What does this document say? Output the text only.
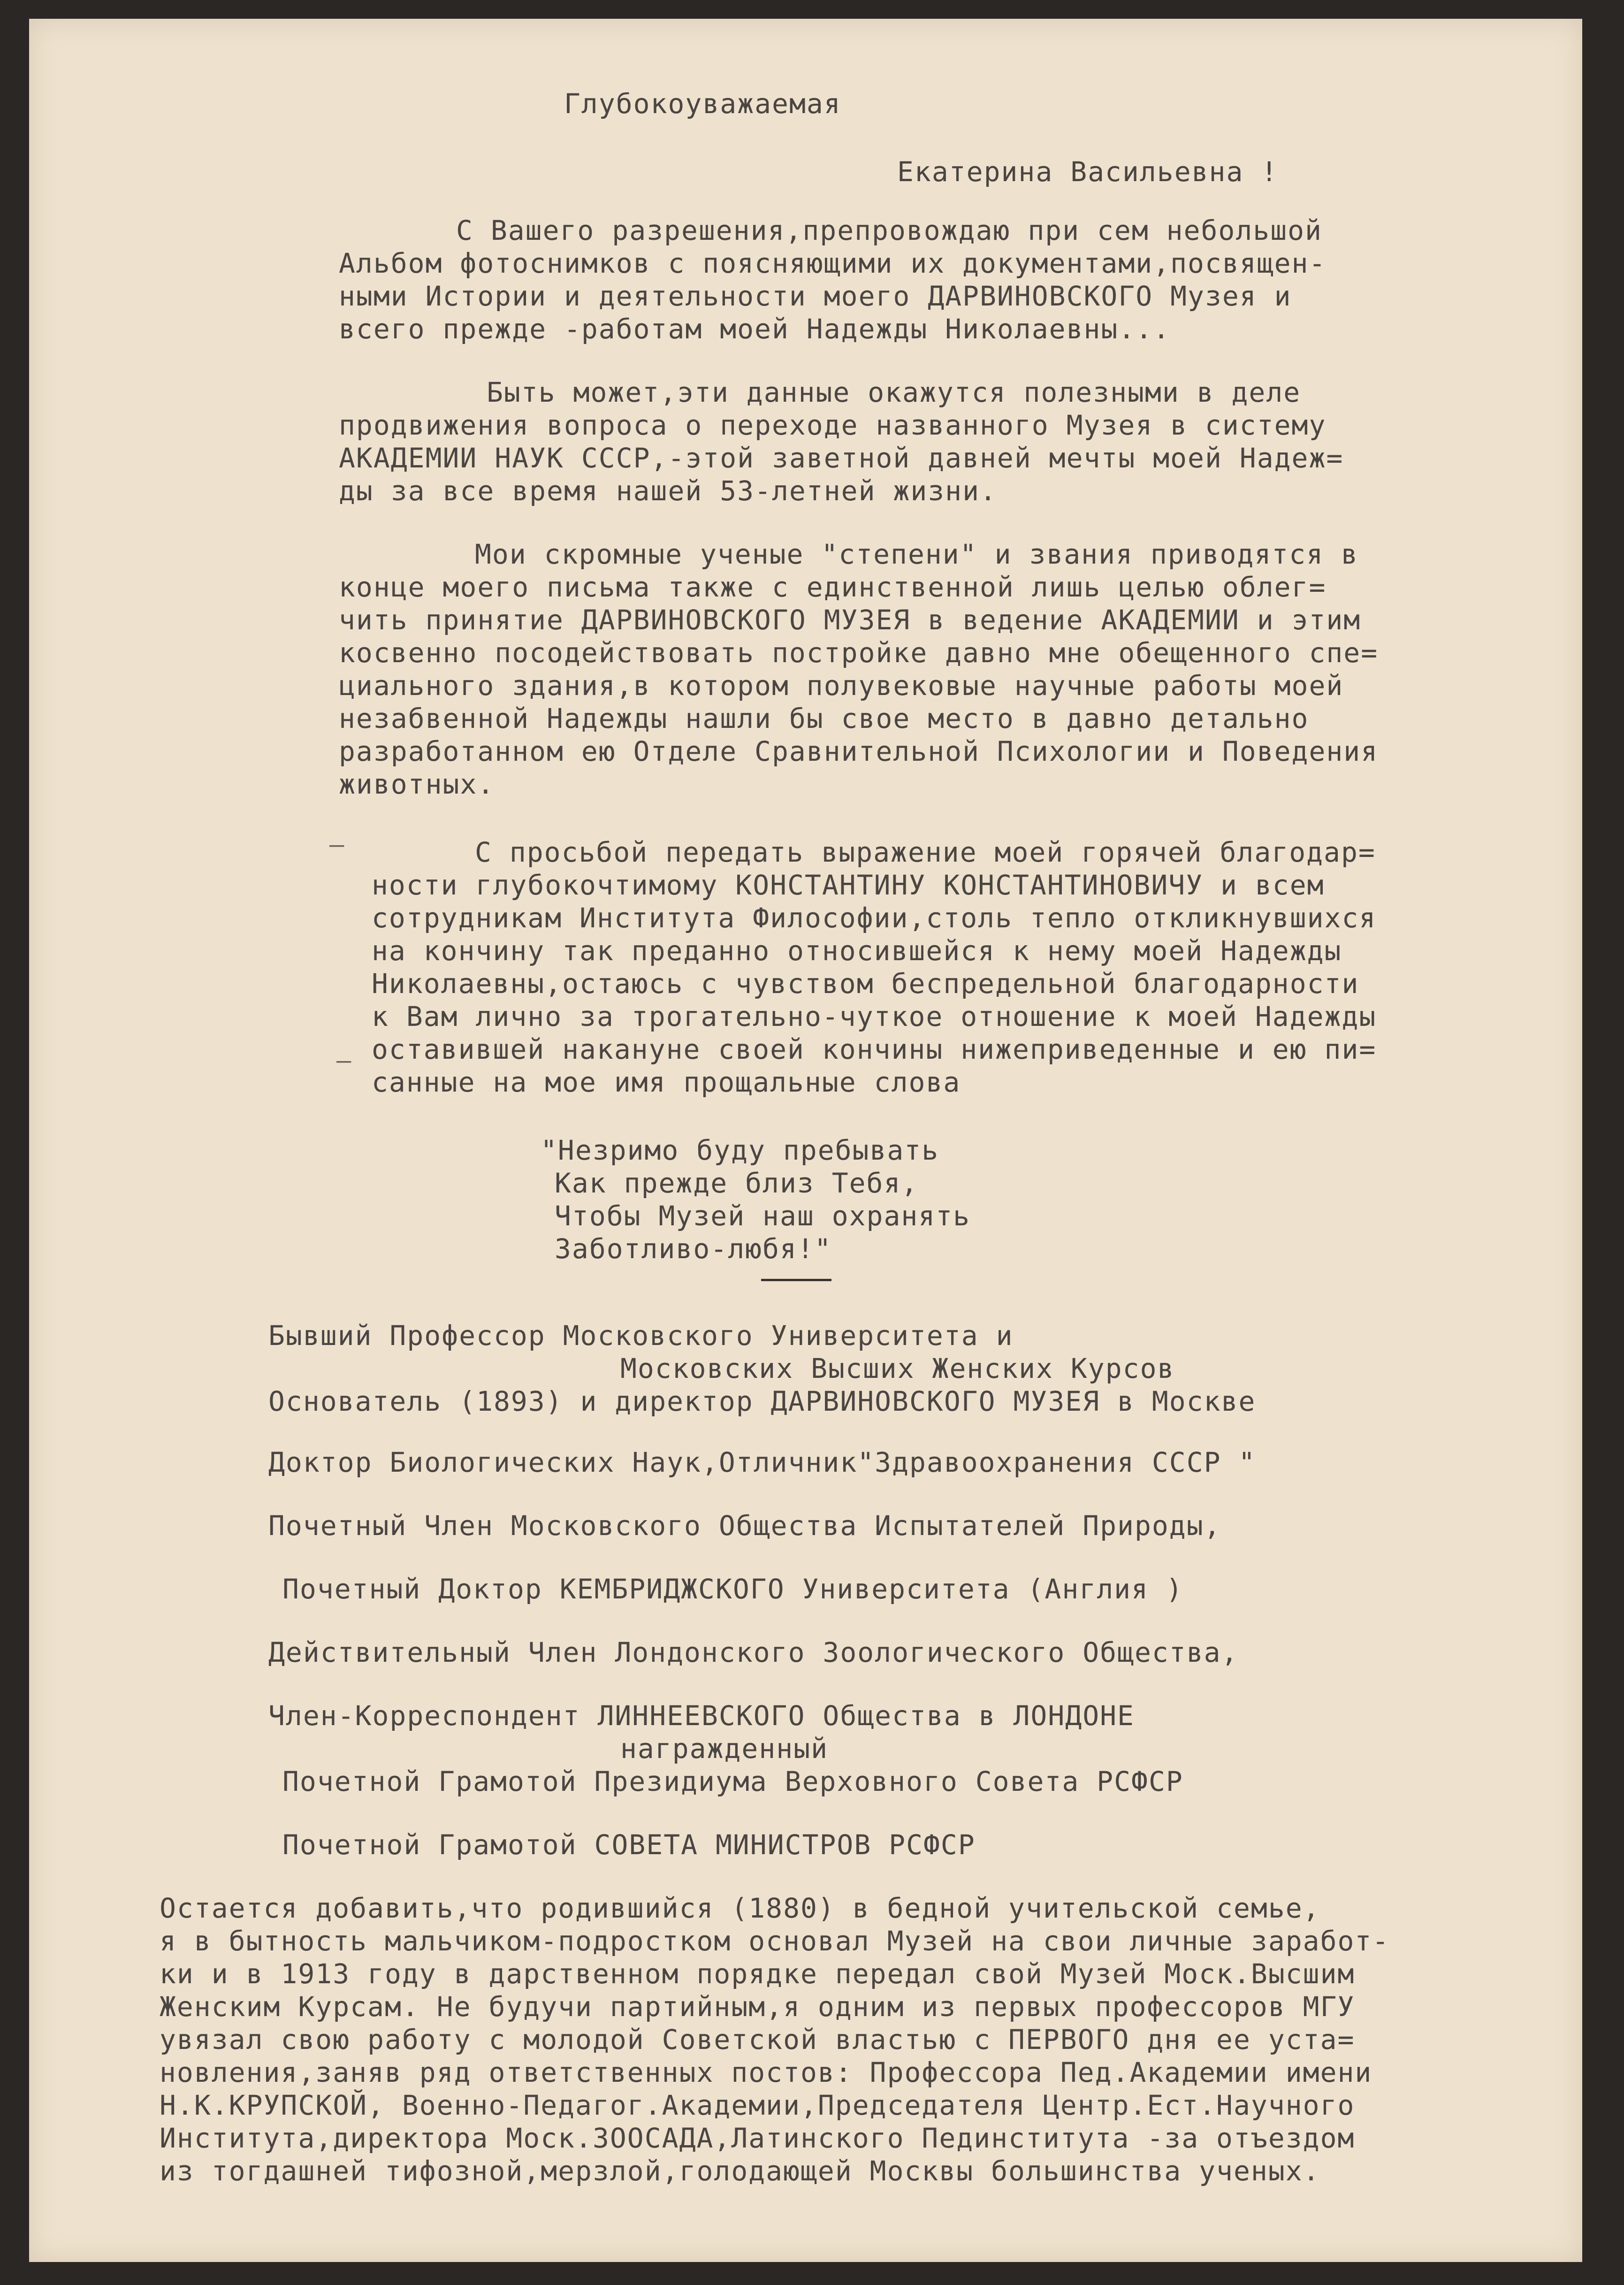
Глубокоуважаемая
Екатерина Васильевна !
С Вашего разрешения,препровождаю при сем небольшой
Альбом фотоснимков с поясняющими их документами,посвящен-
ными Истории и деятельности моего ДАРВИНОВСКОГО Музея и
всего прежде -работам моей Надежды Николаевны...
Быть может,эти данные окажутся полезными в деле
продвижения вопроса о переходе названного Музея в систему
АКАДЕМИИ НАУК СССР,-этой заветной давней мечты моей Надеж=
ды за все время нашей 53-летней жизни.
Мои скромные ученые "степени" и звания приводятся в
конце моего письма также с единственной лишь целью облег=
чить принятие ДАРВИНОВСКОГО МУЗЕЯ в ведение АКАДЕМИИ и этим
косвенно посодействовать постройке давно мне обещенного спе=
циального здания,в котором полувековые научные работы моей
незабвенной Надежды нашли бы свое место в давно детально
разработанном ею Отделе Сравнительной Психологии и Поведения
животных.
–
–
С просьбой передать выражение моей горячей благодар=
ности глубокочтимому КОНСТАНТИНУ КОНСТАНТИНОВИЧУ и всем
сотрудникам Института Философии,столь тепло откликнувшихся
на кончину так преданно относившейся к нему моей Надежды
Николаевны,остаюсь с чувством беспредельной благодарности
к Вам лично за трогательно-чуткое отношение к моей Надежды
оставившей накануне своей кончины нижеприведенные и ею пи=
санные на мое имя прощальные слова
"Незримо буду пребывать
Как прежде близ Тебя,
Чтобы Музей наш охранять
Заботливо-любя!"
Бывший Профессор Московского Университета и
Московских Высших Женских Курсов
Основатель (1893) и директор ДАРВИНОВСКОГО МУЗЕЯ в Москве
Доктор Биологических Наук,Отличник"Здравоохранения СССР "
Почетный Член Московского Общества Испытателей Природы,
Почетный Доктор КЕМБРИДЖСКОГО Университета (Англия )
Действительный Член Лондонского Зоологического Общества,
Член-Корреспондент ЛИННЕЕВСКОГО Общества в ЛОНДОНЕ
награжденный
Почетной Грамотой Президиума Верховного Совета РСФСР
Почетной Грамотой СОВЕТА МИНИСТРОВ РСФСР
Остается добавить,что родившийся (1880) в бедной учительской семье,
я в бытность мальчиком-подростком основал Музей на свои личные заработ-
ки и в 1913 году в дарственном порядке передал свой Музей Моск.Высшим
Женским Курсам. Не будучи партийным,я одним из первых профессоров МГУ
увязал свою работу с молодой Советской властью с ПЕРВОГО дня ее уста=
новления,заняв ряд ответственных постов: Профессора Пед.Академии имени
Н.К.КРУПСКОЙ, Военно-Педагог.Академии,Председателя Центр.Ест.Научного
Института,директора Моск.ЗООСАДА,Латинского Пединститута -за отъездом
из тогдашней тифозной,мерзлой,голодающей Москвы большинства ученых.
